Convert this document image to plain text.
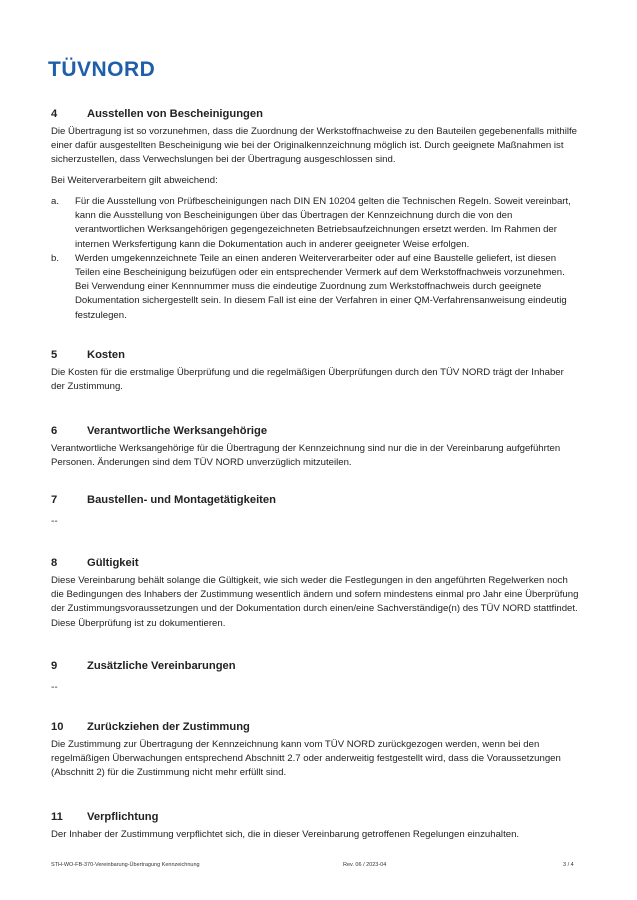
TÜVNORD
4	Ausstellen von Bescheinigungen
Die Übertragung ist so vorzunehmen, dass die Zuordnung der Werkstoffnachweise zu den Bauteilen gegebenenfalls mithilfe einer dafür ausgestellten Bescheinigung wie bei der Originalkennzeichnung möglich ist. Durch geeignete Maßnahmen ist sicherzustellen, dass Verwechslungen bei der Übertragung ausgeschlossen sind.
Bei Weiterverarbeitern gilt abweichend:
a.	Für die Ausstellung von Prüfbescheinigungen nach DIN EN 10204 gelten die Technischen Regeln. Soweit vereinbart, kann die Ausstellung von Bescheinigungen über das Übertragen der Kennzeichnung durch die von den verantwortlichen Werksangehörigen gegengezeichneten Betriebsaufzeichnungen ersetzt werden. Im Rahmen der internen Werksfertigung kann die Dokumentation auch in anderer geeigneter Weise erfolgen.
b.	Werden umgekennzeichnete Teile an einen anderen Weiterverarbeiter oder auf eine Baustelle geliefert, ist diesen Teilen eine Bescheinigung beizufügen oder ein entsprechender Vermerk auf dem Werkstoffnachweis vorzunehmen. Bei Verwendung einer Kennnummer muss die eindeutige Zuordnung zum Werkstoffnachweis durch geeignete Dokumentation sichergestellt sein. In diesem Fall ist eine der Verfahren in einer QM-Verfahrensanweisung eindeutig festzulegen.
5	Kosten
Die Kosten für die erstmalige Überprüfung und die regelmäßigen Überprüfungen durch den TÜV NORD trägt der Inhaber der Zustimmung.
6	Verantwortliche Werksangehörige
Verantwortliche Werksangehörige für die Übertragung der Kennzeichnung sind nur die in der Vereinbarung aufgeführten Personen. Änderungen sind dem TÜV NORD unverzüglich mitzuteilen.
7	Baustellen- und Montagetätigkeiten
--
8	Gültigkeit
Diese Vereinbarung behält solange die Gültigkeit, wie sich weder die Festlegungen in den angeführten Regelwerken noch die Bedingungen des Inhabers der Zustimmung wesentlich ändern und sofern mindestens einmal pro Jahr eine Überprüfung der Zustimmungsvoraussetzungen und der Dokumentation durch einen/eine Sachverständige(n) des TÜV NORD stattfindet. Diese Überprüfung ist zu dokumentieren.
9	Zusätzliche Vereinbarungen
--
10 Zurückziehen der Zustimmung
Die Zustimmung zur Übertragung der Kennzeichnung kann vom TÜV NORD zurückgezogen werden, wenn bei den regelmäßigen Überwachungen entsprechend Abschnitt 2.7 oder anderweitig festgestellt wird, dass die Voraussetzungen (Abschnitt 2) für die Zustimmung nicht mehr erfüllt sind.
11 Verpflichtung
Der Inhaber der Zustimmung verpflichtet sich, die in dieser Vereinbarung getroffenen Regelungen einzuhalten.
STH-WO-FB-370-Vereinbarung-Übertragung Kennzeichnung	Rev. 06 / 2023-04	3 / 4
